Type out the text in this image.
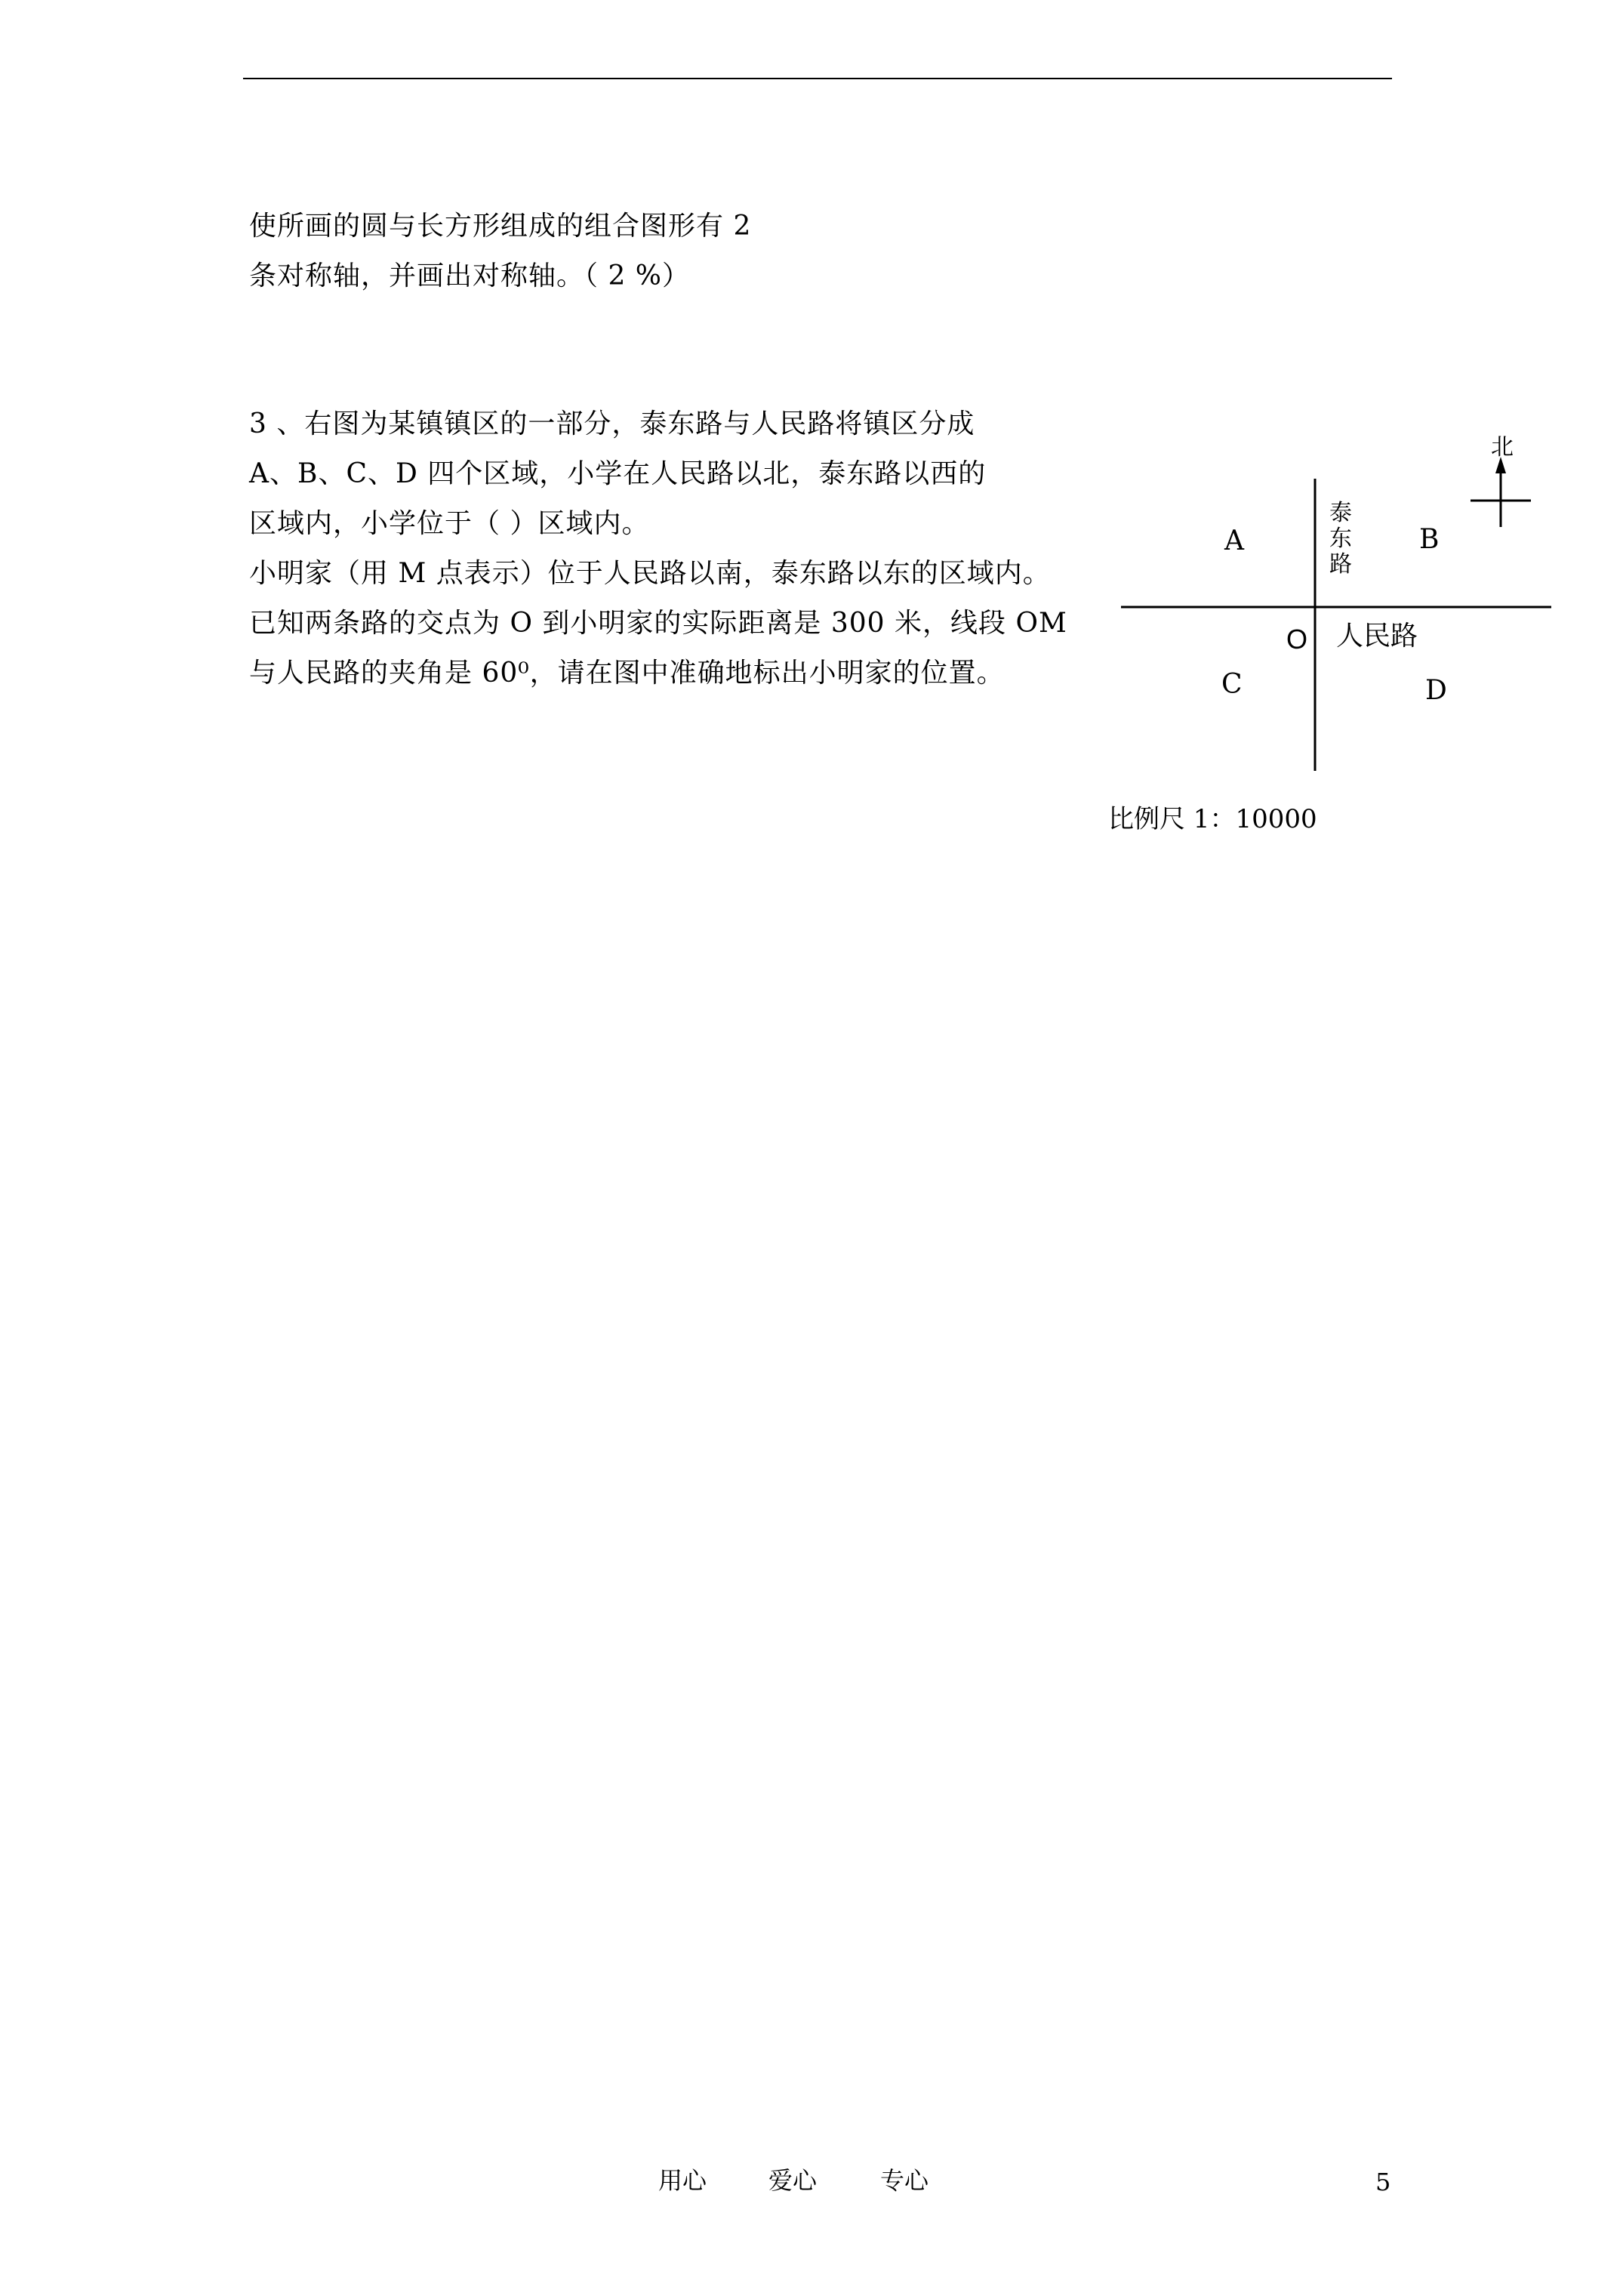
使所画的圆与长方形组成的组合图形有 2
条对称轴，并画出对称轴。（ 2 %）
3 、右图为某镇镇区的一部分，泰东路与人民路将镇区分成
A、B、C、D 四个区域，小学在人民路以北，泰东路以西的
区域内，小学位于（ ）区域内。
小明家（用 M 点表示）位于人民路以南，泰东路以东的区域内。
已知两条路的交点为 O 到小明家的实际距离是 300 米，线段 OM
与人民路的夹角是 60⁰，请在图中准确地标出小明家的位置。
北
泰东路
A	B
O 人民路
C	D
比例尺 1：10000
用心	爱心	专心	5
